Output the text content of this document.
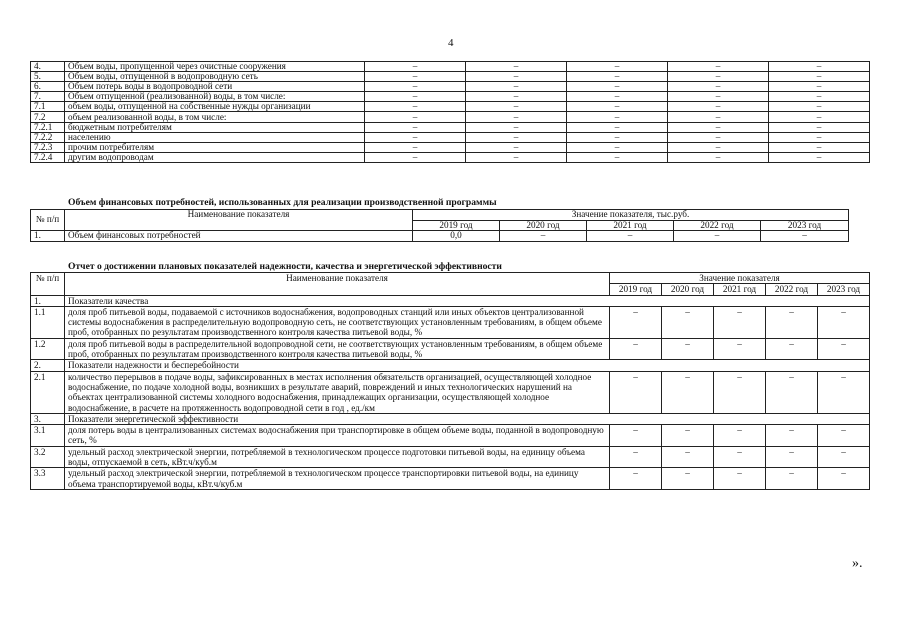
4
4.	Объем воды, пропущенной через очистные сооружения	–	–	–	–	–
5.	Объем воды, отпущенной в водопроводную сеть	–	–	–	–	–
6.	Объем потерь воды в водопроводной сети	–	–	–	–	–
7.	Объем отпущенной (реализованной) воды, в том числе:	–	–	–	–	–
7.1	объем воды, отпущенной на собственные нужды организации	–	–	–	–	–
7.2	объем реализованной воды, в том числе:	–	–	–	–	–
7.2.1	бюджетным потребителям	–	–	–	–	–
7.2.2	населению	–	–	–	–	–
7.2.3	прочим потребителям	–	–	–	–	–
7.2.4	другим водопроводам	–	–	–	–	–
Объем финансовых потребностей, использованных для реализации производственной программы
№ п/п	Наименование показателя	Значение показателя, тыс.руб.				
		2019 год	2020 год	2021 год	2022 год	2023 год
1.	Объем финансовых потребностей	0,0	–	–	–	–
Отчет о достижении плановых показателей надежности, качества и энергетической эффективности
№ п/п	Наименование показателя	Значение показателя				
		2019 год	2020 год	2021 год	2022 год	2023 год
1.	Показатели качества					
1.1	доля проб питьевой воды, подаваемой с источников водоснабжения, водопроводных станций или иных объектов централизованной системы водоснабжения в распределительную водопроводную сеть, не соответствующих установленным требованиям, в общем объеме проб, отобранных по результатам производственного контроля качества питьевой воды, %	–	–	–	–	–
1.2	доля проб питьевой воды в распределительной водопроводной сети, не соответствующих установленным требованиям, в общем объеме проб, отобранных по результатам производственного контроля качества питьевой воды, %	–	–	–	–	–
2.	Показатели надежности и бесперебойности					
2.1	количество перерывов в подаче воды, зафиксированных в местах исполнения обязательств организацией, осуществляющей холодное водоснабжение, по подаче холодной воды, возникших в результате аварий, повреждений и иных технологических нарушений на объектах централизованной системы холодного водоснабжения, принадлежащих организации, осуществляющей холодное водоснабжение, в расчете на протяженность водопроводной сети в год , ед./км	–	–	–	–	–
3.	Показатели энергетической эффективности					
3.1	доля потерь воды в централизованных системах водоснабжения при транспортировке в общем объеме воды, поданной в водопроводную сеть, %	–	–	–	–	–
3.2	удельный расход электрической энергии, потребляемой в технологическом процессе подготовки питьевой воды, на единицу объема воды, отпускаемой в сеть, кВт.ч/куб.м	–	–	–	–	–
3.3	удельный расход электрической энергии, потребляемой в технологическом процессе транспортировки питьевой воды, на единицу объема транспортируемой воды, кВт.ч/куб.м	–	–	–	–	–
».
